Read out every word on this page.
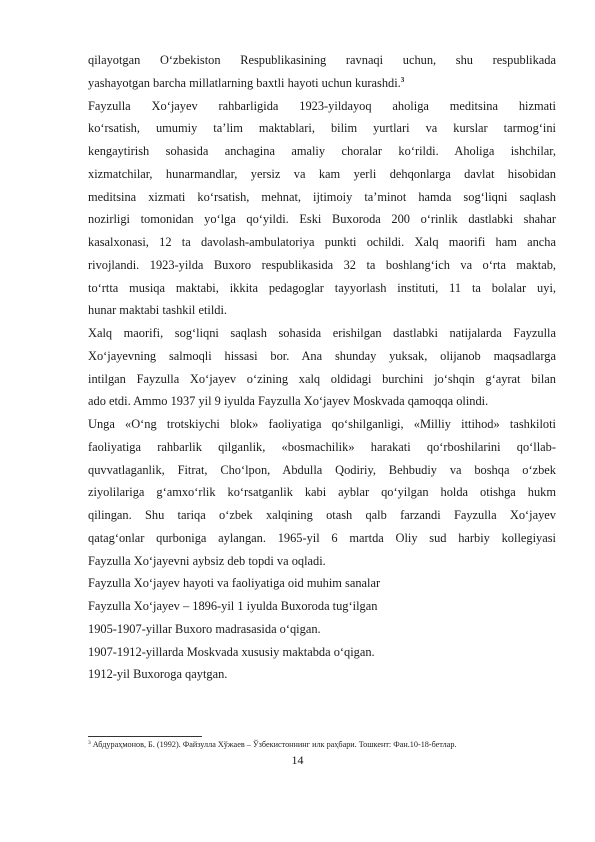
qilayotgan O‘zbekiston Respublikasining ravnaqi uchun, shu respublikada
yashayotgan barcha millatlarning baxtli hayoti uchun kurashdi.$^3$
Fayzulla Xo‘jayev rahbarligida 1923-yildayoq aholiga meditsina hizmati
ko‘rsatish, umumiy ta’lim maktablari, bilim yurtlari va kurslar tarmog‘ini
kengaytirish sohasida anchagina amaliy choralar ko‘rildi. Aholiga ishchilar,
xizmatchilar, hunarmandlar, yersiz va kam yerli dehqonlarga davlat hisobidan
meditsina xizmati ko‘rsatish, mehnat, ijtimoiy ta’minot hamda sog‘liqni saqlash
nozirligi tomonidan yo‘lga qo‘yildi. Eski Buxoroda 200 o‘rinlik dastlabki shahar
kasalxonasi, 12 ta davolash-ambulatoriya punkti ochildi. Xalq maorifi ham ancha
rivojlandi. 1923-yilda Buxoro respublikasida 32 ta boshlang‘ich va o‘rta maktab,
to‘rtta musiqa maktabi, ikkita pedagoglar tayyorlash instituti, 11 ta bolalar uyi,
hunar maktabi tashkil etildi.
Xalq maorifi, sog‘liqni saqlash sohasida erishilgan dastlabki natijalarda Fayzulla
Xo‘jayevning salmoqli hissasi bor. Ana shunday yuksak, olijanob maqsadlarga
intilgan Fayzulla Xo‘jayev o‘zining xalq oldidagi burchini jo‘shqin g‘ayrat bilan
ado etdi. Ammo 1937 yil 9 iyulda Fayzulla Xo‘jayev Moskvada qamoqqa olindi.
Unga «O‘ng trotskiychi blok» faoliyatiga qo‘shilganligi, «Milliy ittihod» tashkiloti
faoliyatiga rahbarlik qilganlik, «bosmachilik» harakati qo‘rboshilarini qo‘llab-
quvvatlaganlik, Fitrat, Cho‘lpon, Abdulla Qodiriy, Behbudiy va boshqa o‘zbek
ziyolilariga g‘amxo‘rlik ko‘rsatganlik kabi ayblar qo‘yilgan holda otishga hukm
qilingan. Shu tariqa o‘zbek xalqining otash qalb farzandi Fayzulla Xo‘jayev
qatag‘onlar qurboniga aylangan. 1965-yil 6 martda Oliy sud harbiy kollegiyasi
Fayzulla Xo‘jayevni aybsiz deb topdi va oqladi.
Fayzulla Xo‘jayev hayoti va faoliyatiga oid muhim sanalar
Fayzulla Xo‘jayev – 1896-yil 1 iyulda Buxoroda tug‘ilgan
1905-1907-yillar Buxoro madrasasida o‘qigan.
1907-1912-yillarda Moskvada xususiy maktabda o‘qigan.
1912-yil Buxoroga qaytgan.
$^3$ Абдураҳмонов, Б. (1992). Файзулла Хўжаев – Ўзбекистоннинг илк раҳбари. Тошкент: Фан.10-18-бетлар.
14
